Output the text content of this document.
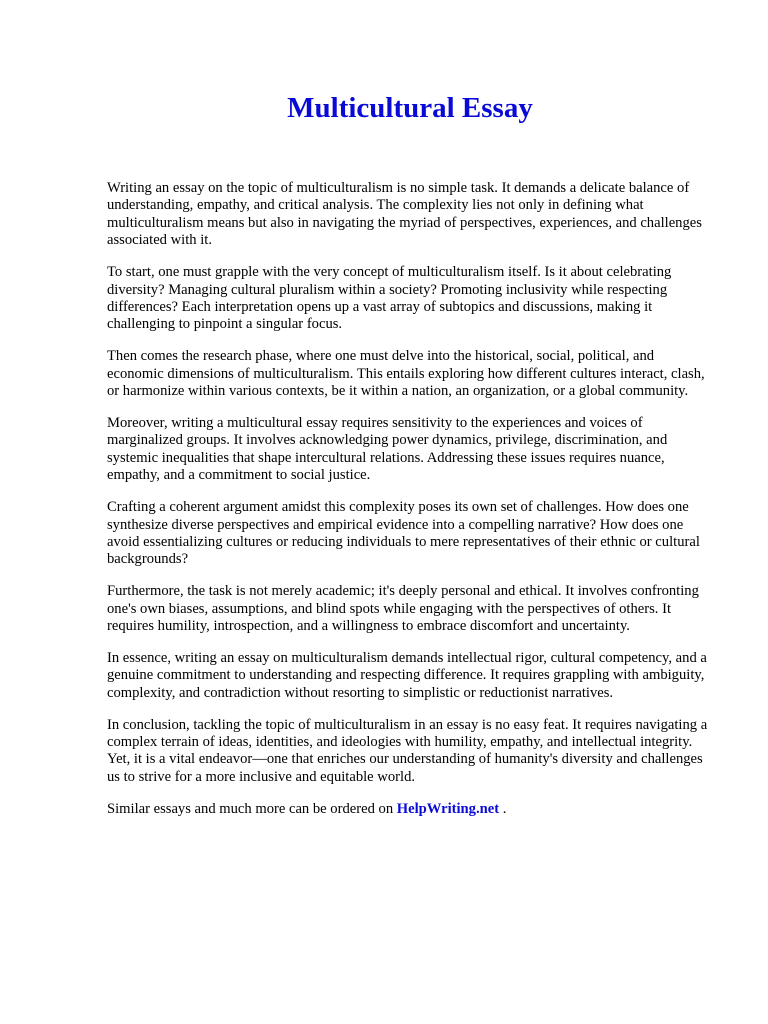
Multicultural Essay

Writing an essay on the topic of multiculturalism is no simple task. It demands a delicate balance of understanding, empathy, and critical analysis. The complexity lies not only in defining what multiculturalism means but also in navigating the myriad of perspectives, experiences, and challenges associated with it.

To start, one must grapple with the very concept of multiculturalism itself. Is it about celebrating diversity? Managing cultural pluralism within a society? Promoting inclusivity while respecting differences? Each interpretation opens up a vast array of subtopics and discussions, making it challenging to pinpoint a singular focus.

Then comes the research phase, where one must delve into the historical, social, political, and economic dimensions of multiculturalism. This entails exploring how different cultures interact, clash, or harmonize within various contexts, be it within a nation, an organization, or a global community.

Moreover, writing a multicultural essay requires sensitivity to the experiences and voices of marginalized groups. It involves acknowledging power dynamics, privilege, discrimination, and systemic inequalities that shape intercultural relations. Addressing these issues requires nuance, empathy, and a commitment to social justice.

Crafting a coherent argument amidst this complexity poses its own set of challenges. How does one synthesize diverse perspectives and empirical evidence into a compelling narrative? How does one avoid essentializing cultures or reducing individuals to mere representatives of their ethnic or cultural backgrounds?

Furthermore, the task is not merely academic; it's deeply personal and ethical. It involves confronting one's own biases, assumptions, and blind spots while engaging with the perspectives of others. It requires humility, introspection, and a willingness to embrace discomfort and uncertainty.

In essence, writing an essay on multiculturalism demands intellectual rigor, cultural competency, and a genuine commitment to understanding and respecting difference. It requires grappling with ambiguity, complexity, and contradiction without resorting to simplistic or reductionist narratives.

In conclusion, tackling the topic of multiculturalism in an essay is no easy feat. It requires navigating a complex terrain of ideas, identities, and ideologies with humility, empathy, and intellectual integrity. Yet, it is a vital endeavor—one that enriches our understanding of humanity's diversity and challenges us to strive for a more inclusive and equitable world.

Similar essays and much more can be ordered on HelpWriting.net .
